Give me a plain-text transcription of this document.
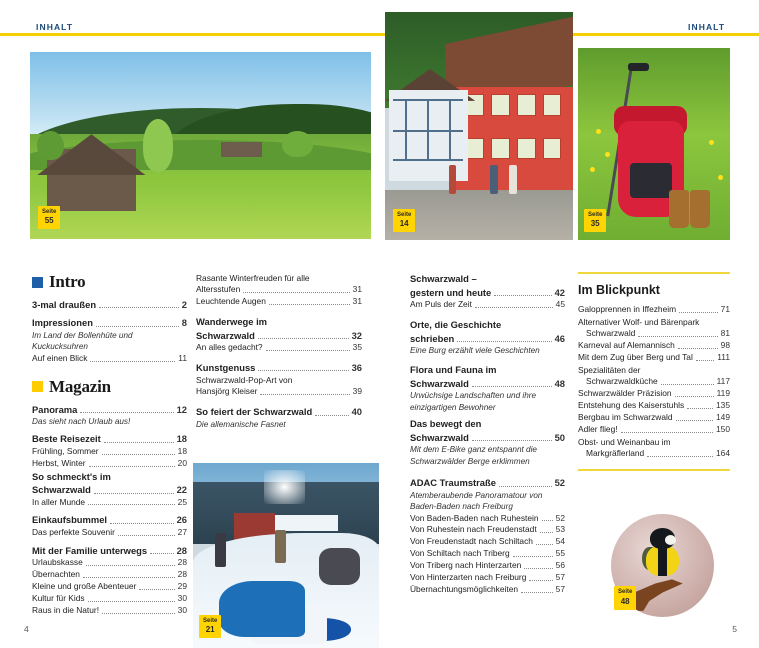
INHALT	INHALT
Seite
55
Seite
14
Seite
35
Intro
3-mal draußen	2
Impressionen	8
Im Land der Bollenhüte und
Kuckucksuhren
Auf einen Blick	11
Magazin
Panorama	12
Das sieht nach Urlaub aus!
Beste Reisezeit	18
Frühling, Sommer	18
Herbst, Winter	20
So schmeckt's im
Schwarzwald	22
In aller Munde	25
Einkaufsbummel	26
Das perfekte Souvenir	27
Mit der Familie unterwegs	28
Urlaubskasse	28
Übernachten	28
Kleine und große Abenteuer	29
Kultur für Kids	30
Raus in die Natur!	30
Rasante Winterfreuden für alle
Altersstufen	31
Leuchtende Augen	31
Wanderwege im
Schwarzwald	32
An alles gedacht?	35
Kunstgenuss	36
Schwarzwald-Pop-Art von
Hansjörg Kleiser	39
So feiert der Schwarzwald	40
Die allemanische Fasnet
Seite
21
Schwarzwald –
gestern und heute	42
Am Puls der Zeit	45
Orte, die Geschichte
schrieben	46
Eine Burg erzählt viele Geschichten
Flora und Fauna im
Schwarzwald	48
Urwüchsige Landschaften und ihre
einzigartigen Bewohner
Das bewegt den
Schwarzwald	50
Mit dem E-Bike ganz entspannt die
Schwarzwälder Berge erklimmen
ADAC Traumstraße	52
Atemberaubende Panoramatour von
Baden-Baden nach Freiburg
Von Baden-Baden nach Ruhestein 52
Von Ruhestein nach Freudenstadt 53
Von Freudenstadt nach Schiltach	54
Von Schiltach nach Triberg	55
Von Triberg nach Hinterzarten	56
Von Hinterzarten nach Freiburg	57
Übernachtungsmöglichkeiten	57
Im Blickpunkt
Galopprennen in Iffezheim	71
Alternativer Wolf- und Bärenpark
Schwarzwald	81
Karneval auf Alemannisch	98
Mit dem Zug über Berg und Tal	111
Spezialitäten der
Schwarzwaldküche	117
Schwarzwälder Präzision	119
Entstehung des Kaiserstuhls	135
Bergbau im Schwarzwald	149
Adler flieg!	150
Obst- und Weinanbau im
Markgräflerland	164
Seite
48
4	5
